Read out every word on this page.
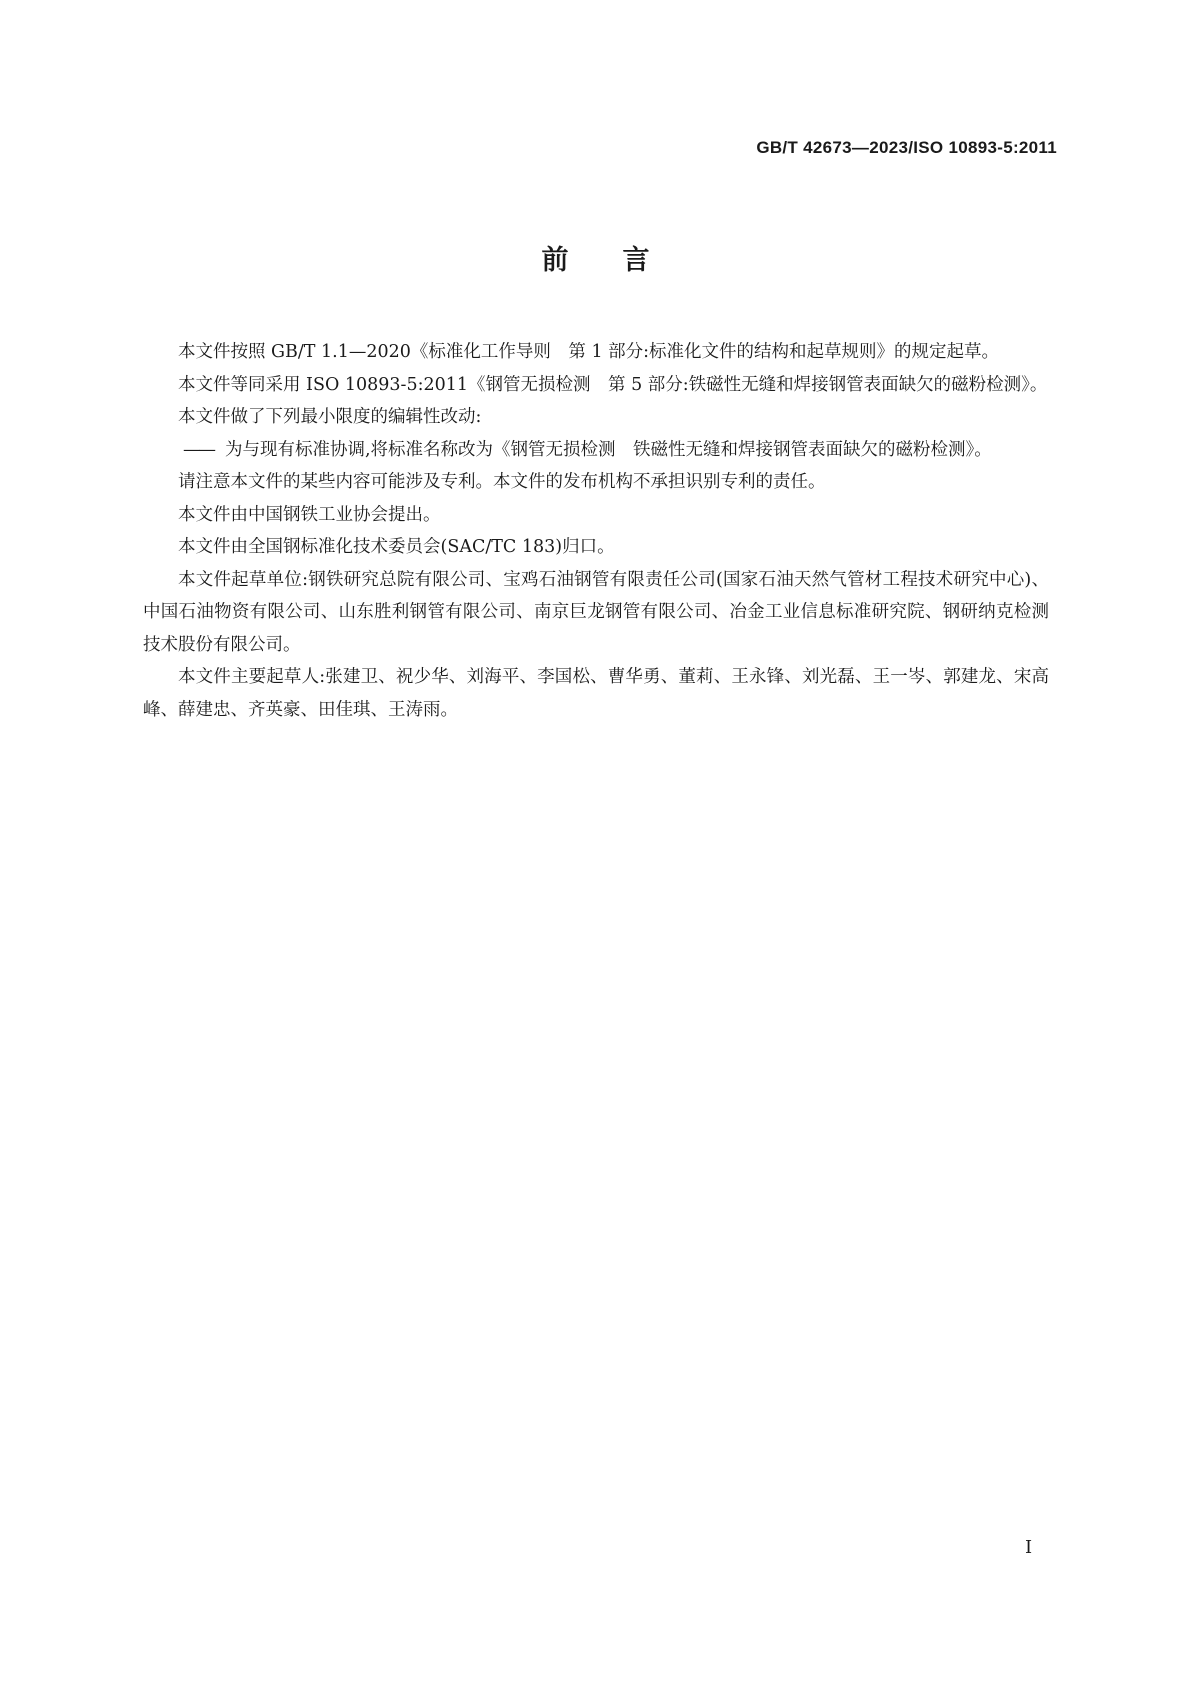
GB/T 42673—2023/ISO 10893-5:2011
前言

本文件按照 GB/T 1.1—2020《标准化工作导则　第 1 部分:标准化文件的结构和起草规则》的规定起草。

本文件等同采用 ISO 10893-5:2011《钢管无损检测　第 5 部分:铁磁性无缝和焊接钢管表面缺欠的磁粉检测》。

本文件做了下列最小限度的编辑性改动:

—— 为与现有标准协调,将标准名称改为《钢管无损检测　铁磁性无缝和焊接钢管表面缺欠的磁粉检测》。

请注意本文件的某些内容可能涉及专利。本文件的发布机构不承担识别专利的责任。

本文件由中国钢铁工业协会提出。

本文件由全国钢标准化技术委员会(SAC/TC 183)归口。

本文件起草单位:钢铁研究总院有限公司、宝鸡石油钢管有限责任公司(国家石油天然气管材工程技术研究中心)、中国石油物资有限公司、山东胜利钢管有限公司、南京巨龙钢管有限公司、冶金工业信息标准研究院、钢研纳克检测技术股份有限公司。

本文件主要起草人:张建卫、祝少华、刘海平、李国松、曹华勇、董莉、王永锋、刘光磊、王一岑、郭建龙、宋高峰、薛建忠、齐英豪、田佳琪、王涛雨。

I
